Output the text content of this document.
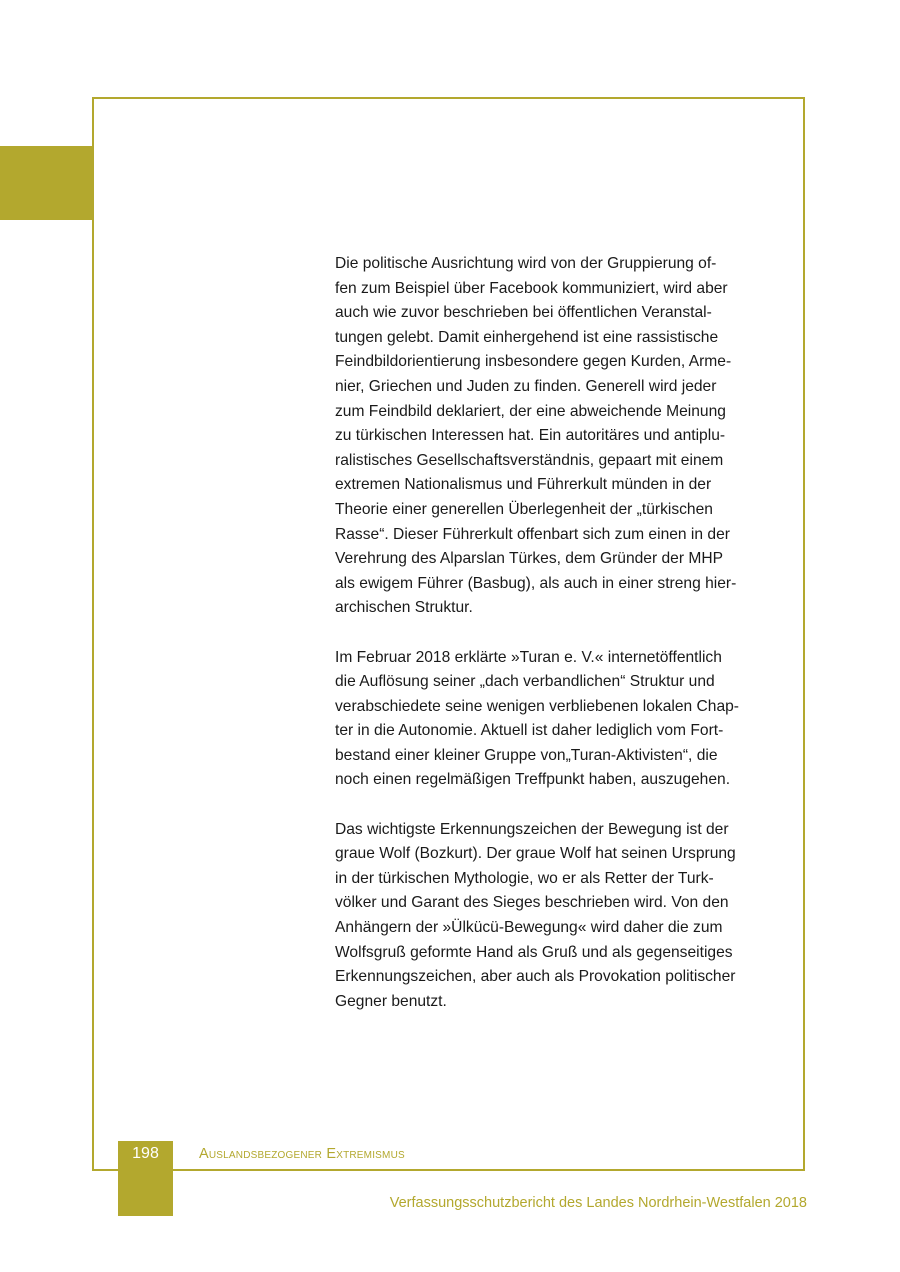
Die politische Ausrichtung wird von der Gruppierung of-
fen zum Beispiel über Facebook kommuniziert, wird aber
auch wie zuvor beschrieben bei öffentlichen Veranstal-
tungen gelebt. Damit einhergehend ist eine rassistische
Feindbildorientierung insbesondere gegen Kurden, Arme-
nier, Griechen und Juden zu finden. Generell wird jeder
zum Feindbild deklariert, der eine abweichende Meinung
zu türkischen Interessen hat. Ein autoritäres und antiplu-
ralistisches Gesellschaftsverständnis, gepaart mit einem
extremen Nationalismus und Führerkult münden in der
Theorie einer generellen Überlegenheit der „türkischen
Rasse“. Dieser Führerkult offenbart sich zum einen in der
Verehrung des Alparslan Türkes, dem Gründer der MHP
als ewigem Führer (Basbug), als auch in einer streng hier-
archischen Struktur.

Im Februar 2018 erklärte »Turan e. V.« internetöffentlich
die Auflösung seiner „dach verbandlichen“ Struktur und
verabschiedete seine wenigen verbliebenen lokalen Chap-
ter in die Autonomie. Aktuell ist daher lediglich vom Fort-
bestand einer kleiner Gruppe von„Turan-Aktivisten“, die
noch einen regelmäßigen Treffpunkt haben, auszugehen.

Das wichtigste Erkennungszeichen der Bewegung ist der
graue Wolf (Bozkurt). Der graue Wolf hat seinen Ursprung
in der türkischen Mythologie, wo er als Retter der Turk-
völker und Garant des Sieges beschrieben wird. Von den
Anhängern der »Ülkücü-Bewegung« wird daher die zum
Wolfsgruß geformte Hand als Gruß und als gegenseitiges
Erkennungszeichen, aber auch als Provokation politischer
Gegner benutzt.

198	Auslandsbezogener Extremismus
Verfassungsschutzbericht des Landes Nordrhein-Westfalen 2018
